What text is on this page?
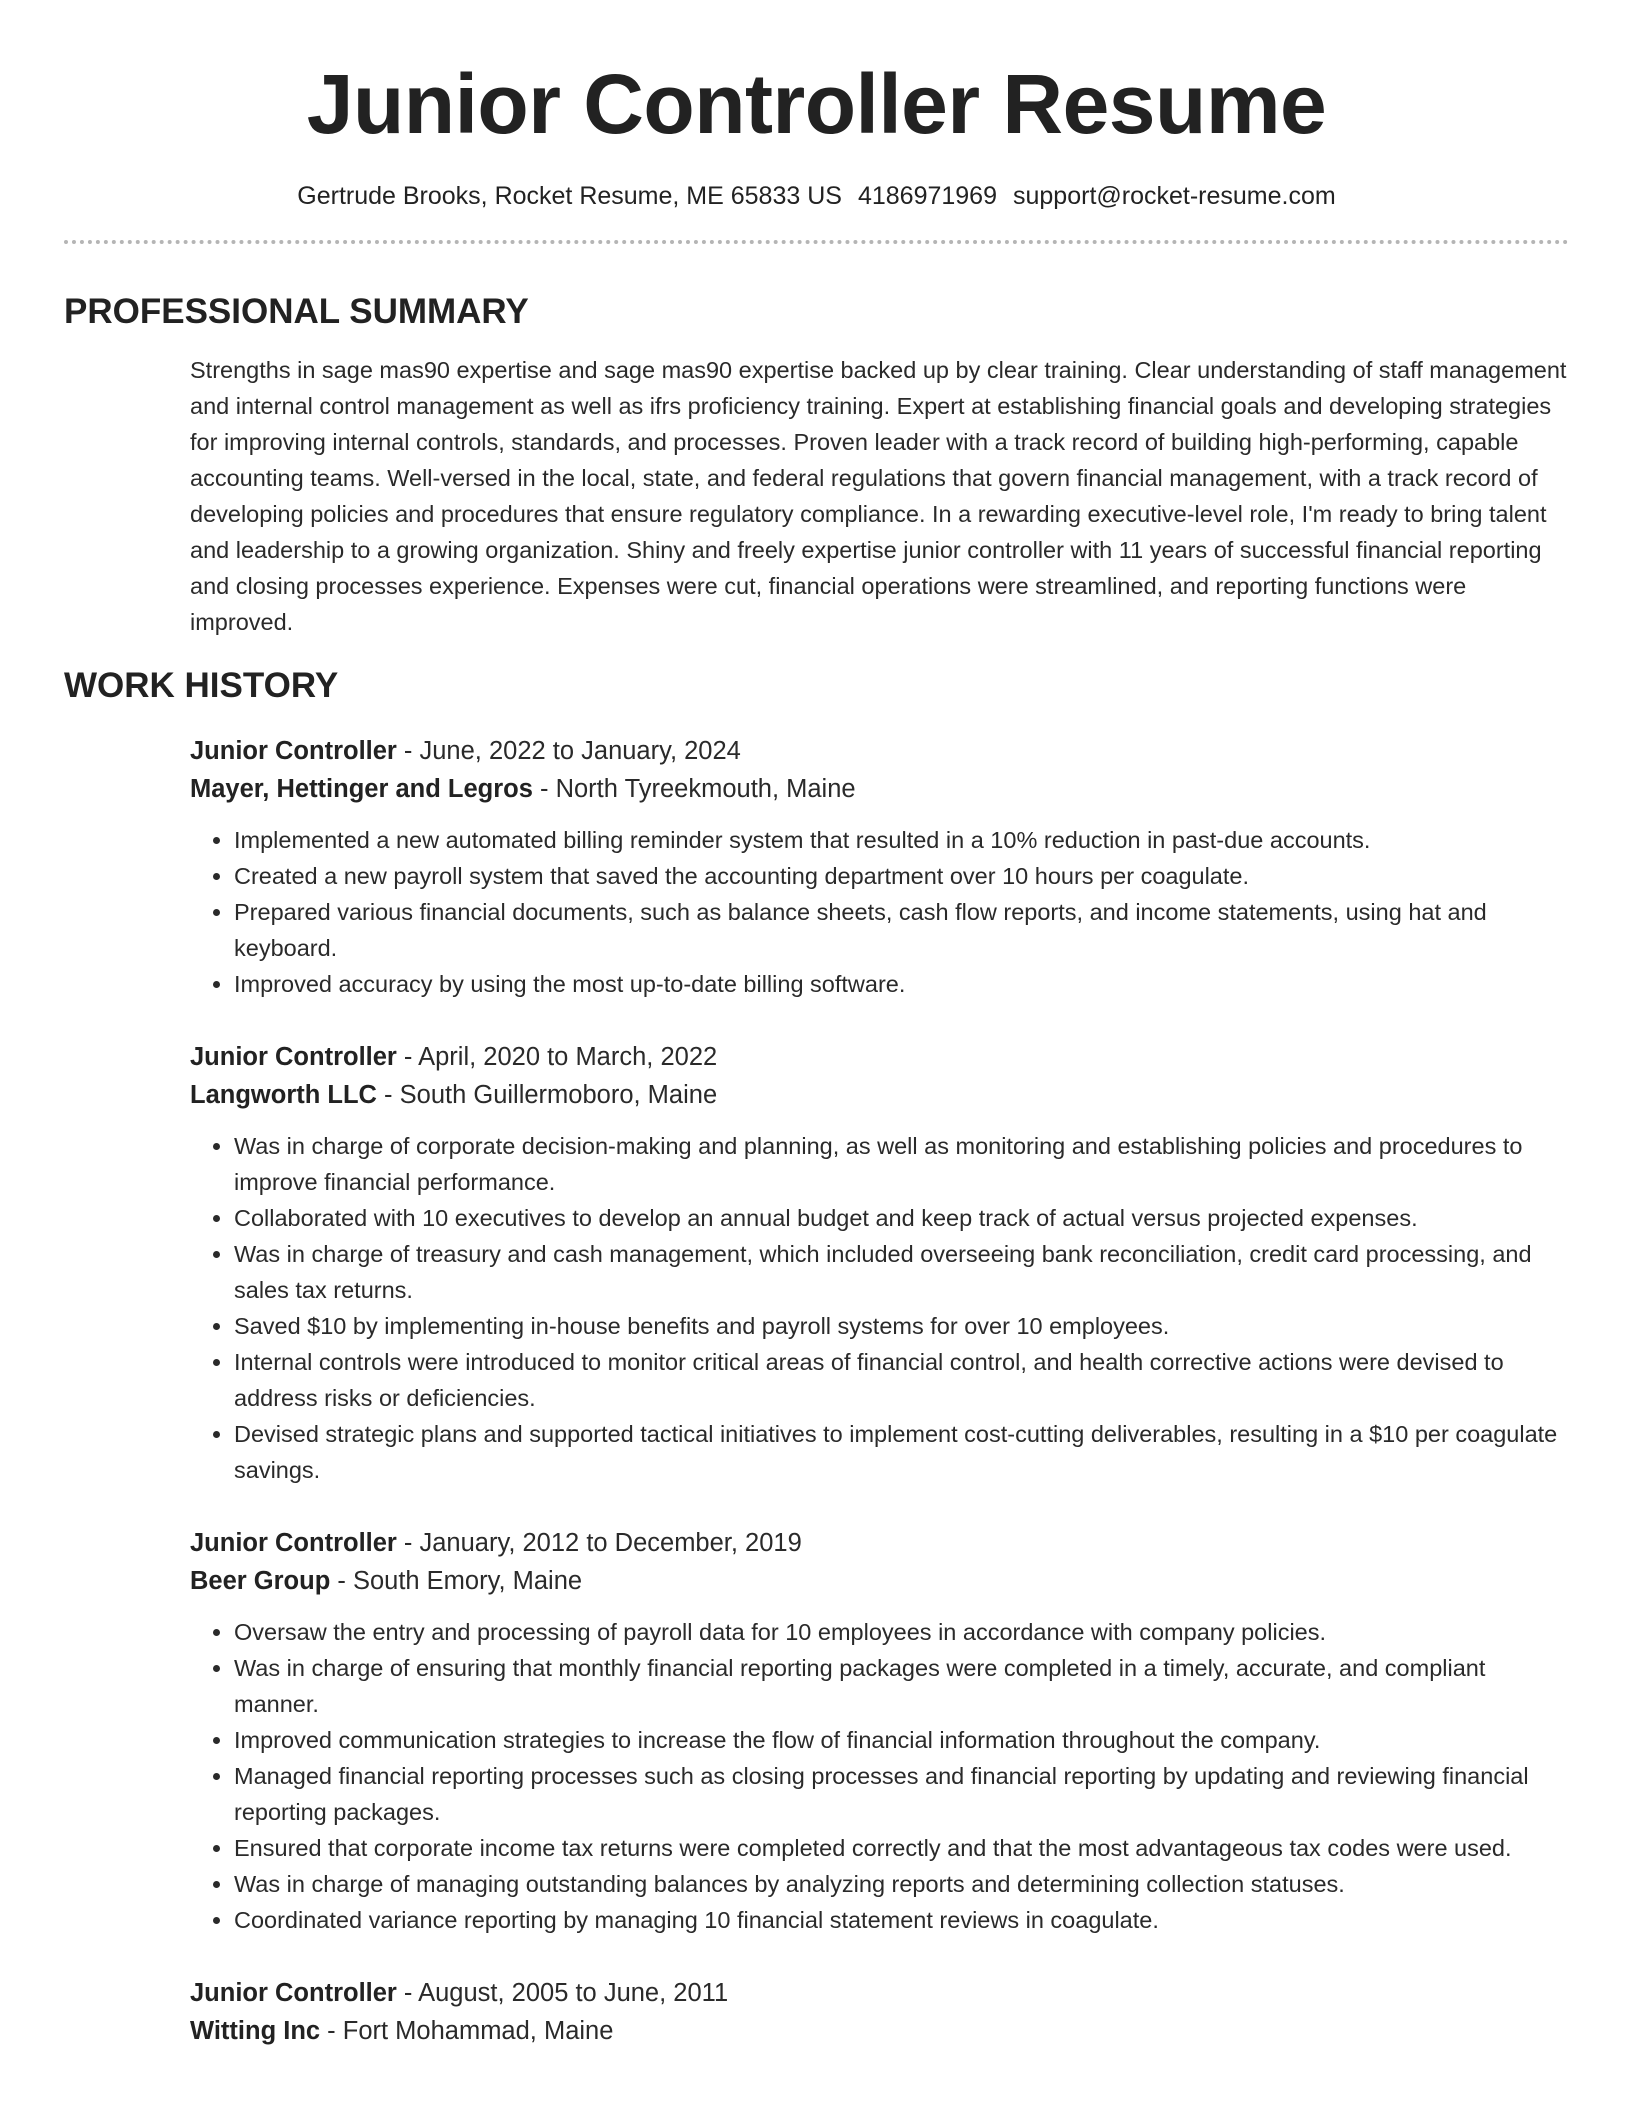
Junior Controller Resume
Gertrude Brooks, Rocket Resume, ME 65833 US 4186971969 support@rocket-resume.com
PROFESSIONAL SUMMARY

Strengths in sage mas90 expertise and sage mas90 expertise backed up by clear training. Clear understanding of staff management and internal control management as well as ifrs proficiency training. Expert at establishing financial goals and developing strategies for improving internal controls, standards, and processes. Proven leader with a track record of building high-performing, capable accounting teams. Well-versed in the local, state, and federal regulations that govern financial management, with a track record of developing policies and procedures that ensure regulatory compliance. In a rewarding executive-level role, I'm ready to bring talent and leadership to a growing organization. Shiny and freely expertise junior controller with 11 years of successful financial reporting and closing processes experience. Expenses were cut, financial operations were streamlined, and reporting functions were improved.

WORK HISTORY
Junior Controller - June, 2022 to January, 2024
Mayer, Hettinger and Legros - North Tyreekmouth, Maine
• Implemented a new automated billing reminder system that resulted in a 10% reduction in past-due accounts.
• Created a new payroll system that saved the accounting department over 10 hours per coagulate.
• Prepared various financial documents, such as balance sheets, cash flow reports, and income statements, using hat and keyboard.
• Improved accuracy by using the most up-to-date billing software.
Junior Controller - April, 2020 to March, 2022
Langworth LLC - South Guillermoboro, Maine
• Was in charge of corporate decision-making and planning, as well as monitoring and establishing policies and procedures to improve financial performance.
• Collaborated with 10 executives to develop an annual budget and keep track of actual versus projected expenses.
• Was in charge of treasury and cash management, which included overseeing bank reconciliation, credit card processing, and sales tax returns.
• Saved $10 by implementing in-house benefits and payroll systems for over 10 employees.
• Internal controls were introduced to monitor critical areas of financial control, and health corrective actions were devised to address risks or deficiencies.
• Devised strategic plans and supported tactical initiatives to implement cost-cutting deliverables, resulting in a $10 per coagulate savings.
Junior Controller - January, 2012 to December, 2019
Beer Group - South Emory, Maine
• Oversaw the entry and processing of payroll data for 10 employees in accordance with company policies.
• Was in charge of ensuring that monthly financial reporting packages were completed in a timely, accurate, and compliant manner.
• Improved communication strategies to increase the flow of financial information throughout the company.
• Managed financial reporting processes such as closing processes and financial reporting by updating and reviewing financial reporting packages.
• Ensured that corporate income tax returns were completed correctly and that the most advantageous tax codes were used.
• Was in charge of managing outstanding balances by analyzing reports and determining collection statuses.
• Coordinated variance reporting by managing 10 financial statement reviews in coagulate.
Junior Controller - August, 2005 to June, 2011
Witting Inc - Fort Mohammad, Maine
